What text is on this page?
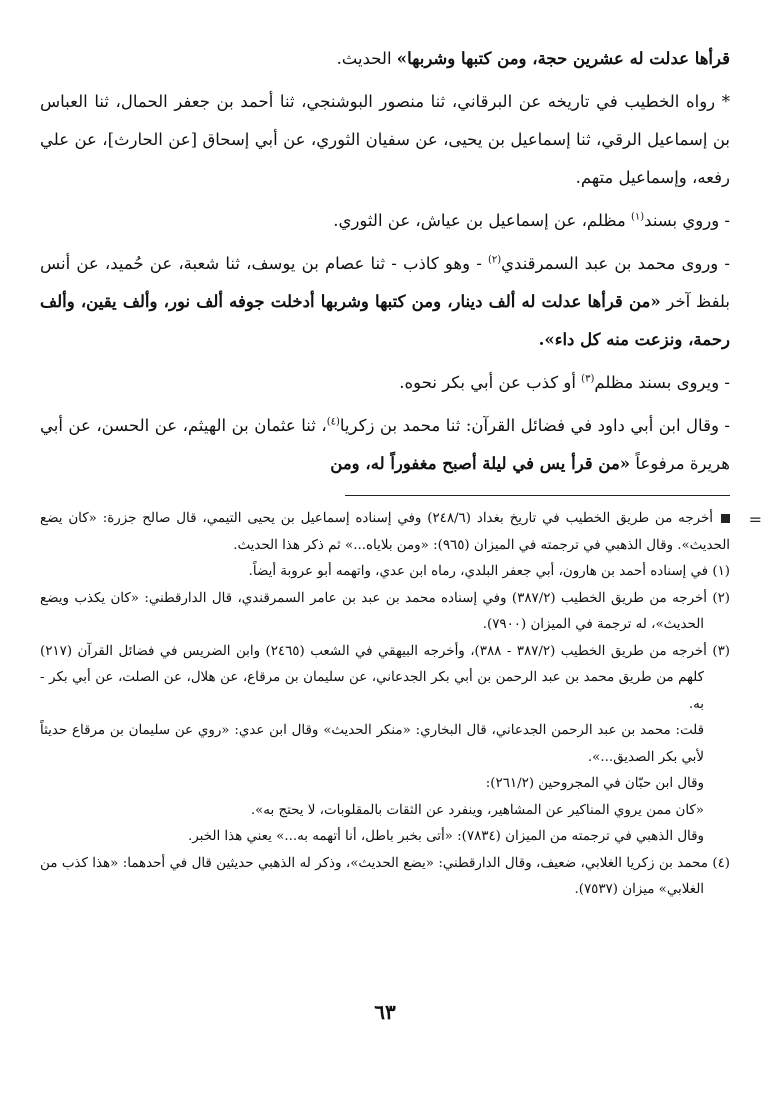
قرأها عدلت له عشرين حجة، ومن كتبها وشربها» الحديث.

* رواه الخطيب في تاريخه عن البرقاني، ثنا منصور البوشنجي، ثنا أحمد بن جعفر الحمال، ثنا العباس بن إسماعيل الرقي، ثنا إسماعيل بن يحيى، عن سفيان الثوري، عن أبي إسحاق [عن الحارث]، عن علي رفعه، وإسماعيل متهم.

- وروي بسند$^{(١)}$ مظلم، عن إسماعيل بن عياش، عن الثوري.

- وروى محمد بن عبد السمرقندي$^{(٢)}$ - وهو كاذب - ثنا عصام بن يوسف، ثنا شعبة، عن حُميد، عن أنس بلفظ آخر «من قرأها عدلت له ألف دينار، ومن كتبها وشربها أدخلت جوفه ألف نور، وألف يقين، وألف رحمة، ونزعت منه كل داء».

- ويروى بسند مظلم$^{(٣)}$ أو كذب عن أبي بكر نحوه.

- وقال ابن أبي داود في فضائل القرآن: ثنا محمد بن زكريا$^{(٤)}$، ثنا عثمان بن الهيثم، عن الحسن، عن أبي هريرة مرفوعاً «من قرأ يس في ليلة أصبح مغفوراً له، ومن

=

أخرجه من طريق الخطيب في تاريخ بغداد (٢٤٨/٦) وفي إسناده إسماعيل بن يحيى التيمي، قال صالح جزرة: «كان يضع الحديث». وقال الذهبي في ترجمته في الميزان (٩٦٥): «ومن بلاياه...» ثم ذكر هذا الحديث.

(١) في إسناده أحمد بن هارون، أبي جعفر البلدي، رماه ابن عدي، واتهمه أبو عروبة أيضاً.

(٢) أخرجه من طريق الخطيب (٣٨٧/٢) وفي إسناده محمد بن عبد بن عامر السمرقندي، قال الدارقطني: «كان يكذب ويضع الحديث»، له ترجمة في الميزان (٧٩٠٠).

(٣) أخرجه من طريق الخطيب (٣٨٧/٢ - ٣٨٨)، وأخرجه البيهقي في الشعب (٢٤٦٥) وابن الضريس في فضائل القرآن (٢١٧) كلهم من طريق محمد بن عبد الرحمن بن أبي بكر الجدعاني، عن سليمان بن مرقاع، عن هلال، عن الصلت، عن أبي بكر - به.

قلت: محمد بن عبد الرحمن الجدعاني، قال البخاري: «منكر الحديث» وقال ابن عدي: «روي عن سليمان بن مرقاع حديثاً لأبي بكر الصديق...».

وقال ابن حبّان في المجروحين (٢٦١/٢):

«كان ممن يروي المناكير عن المشاهير، وينفرد عن الثقات بالمقلوبات، لا يحتج به».

وقال الذهبي في ترجمته من الميزان (٧٨٣٤): «أتى بخبر باطل، أنا أتهمه به...» يعني هذا الخبر.

(٤) محمد بن زكريا الغلابي، ضعيف، وقال الدارقطني: «يضع الحديث»، وذكر له الذهبي حديثين قال في أحدهما: «هذا كذب من الغلابي» ميزان (٧٥٣٧).

٦٣
